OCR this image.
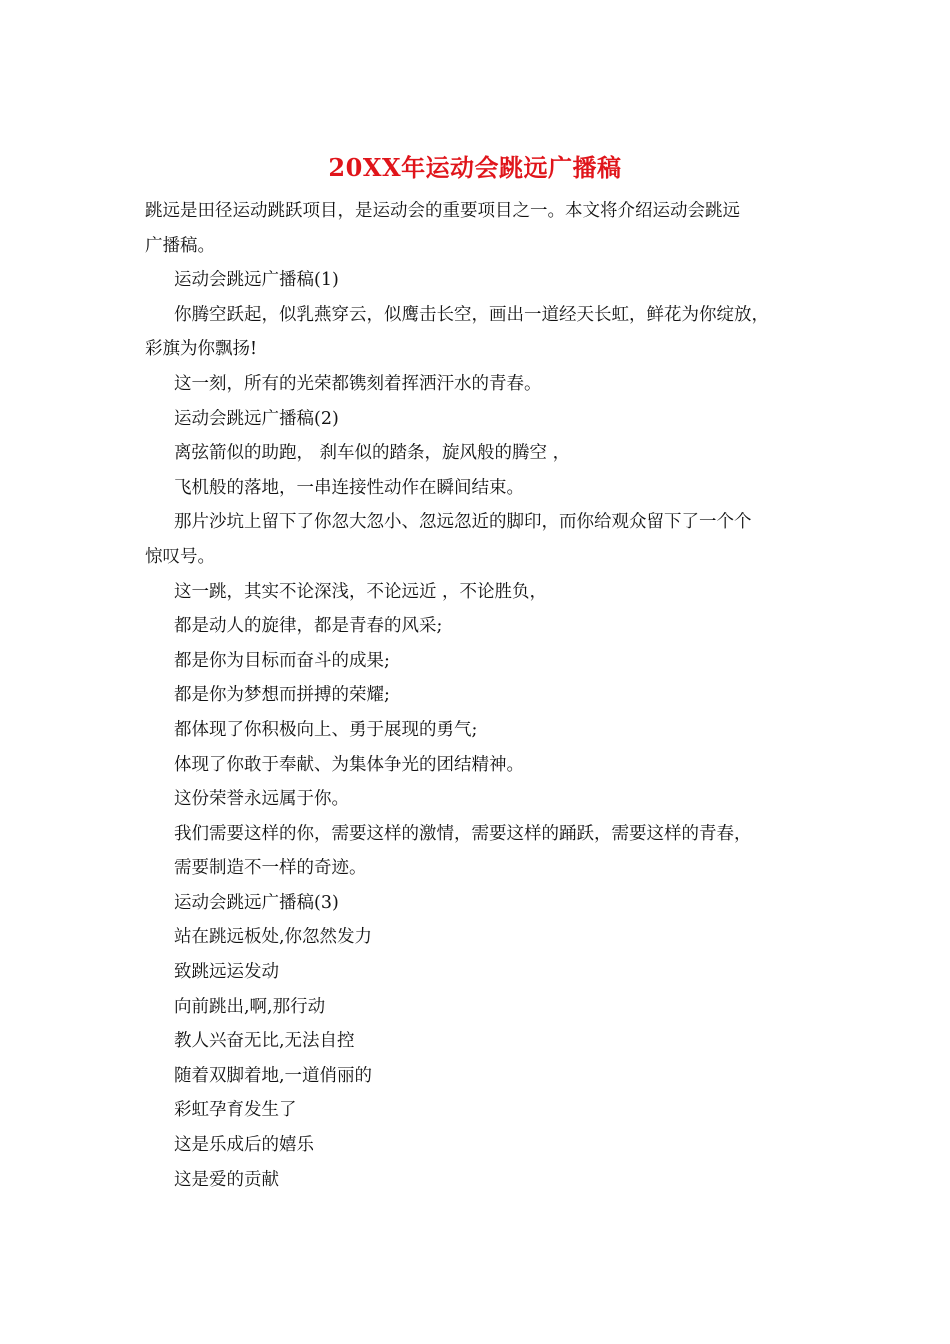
20XX年运动会跳远广播稿

跳远是田径运动跳跃项目，是运动会的重要项目之一。本文将介绍运动会跳远

广播稿。

运动会跳远广播稿(1)

你腾空跃起，似乳燕穿云，似鹰击长空，画出一道经天长虹，鲜花为你绽放，

彩旗为你飘扬!

这一刻，所有的光荣都镌刻着挥洒汗水的青春。

运动会跳远广播稿(2)

离弦箭似的助跑， 刹车似的踏条，旋风般的腾空 ，

飞机般的落地，一串连接性动作在瞬间结束。

那片沙坑上留下了你忽大忽小、忽远忽近的脚印，而你给观众留下了一个个

惊叹号。

这一跳，其实不论深浅，不论远近 ，不论胜负，

都是动人的旋律，都是青春的风采;

都是你为目标而奋斗的成果;

都是你为梦想而拼搏的荣耀;

都体现了你积极向上、勇于展现的勇气;

体现了你敢于奉献、为集体争光的团结精神。

这份荣誉永远属于你。

我们需要这样的你，需要这样的激情，需要这样的踊跃，需要这样的青春，

需要制造不一样的奇迹。

运动会跳远广播稿(3)

站在跳远板处,你忽然发力

致跳远运发动

向前跳出,啊,那行动

教人兴奋无比,无法自控

随着双脚着地,一道俏丽的

彩虹孕育发生了

这是乐成后的嬉乐

这是爱的贡献
